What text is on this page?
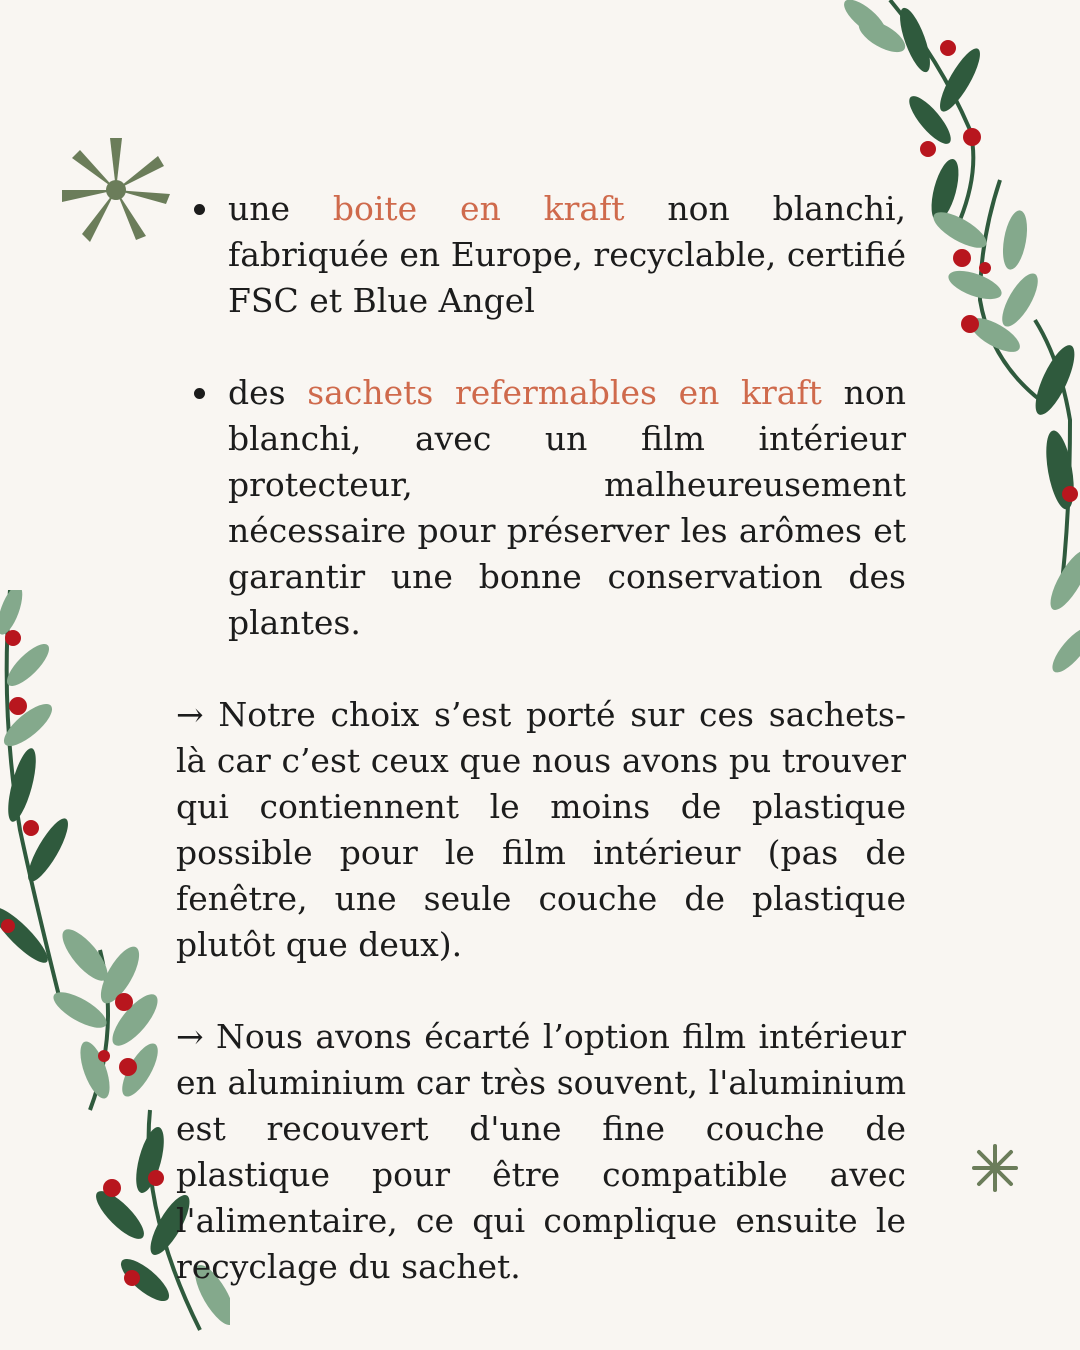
une boite en kraft non blanchi, fabriquée en Europe, recyclable, certifié FSC et Blue Angel
des sachets refermables en kraft non blanchi, avec un film intérieur protecteur, malheureusement nécessaire pour préserver les arômes et garantir une bonne conservation des plantes.

→ Notre choix s’est porté sur ces sachets-là car c’est ceux que nous avons pu trouver qui contiennent le moins de plastique possible pour le film intérieur (pas de fenêtre, une seule couche de plastique plutôt que deux).

→ Nous avons écarté l’option film intérieur en aluminium car très souvent, l'aluminium est recouvert d'une fine couche de plastique pour être compatible avec l'alimentaire, ce qui complique ensuite le recyclage du sachet.
